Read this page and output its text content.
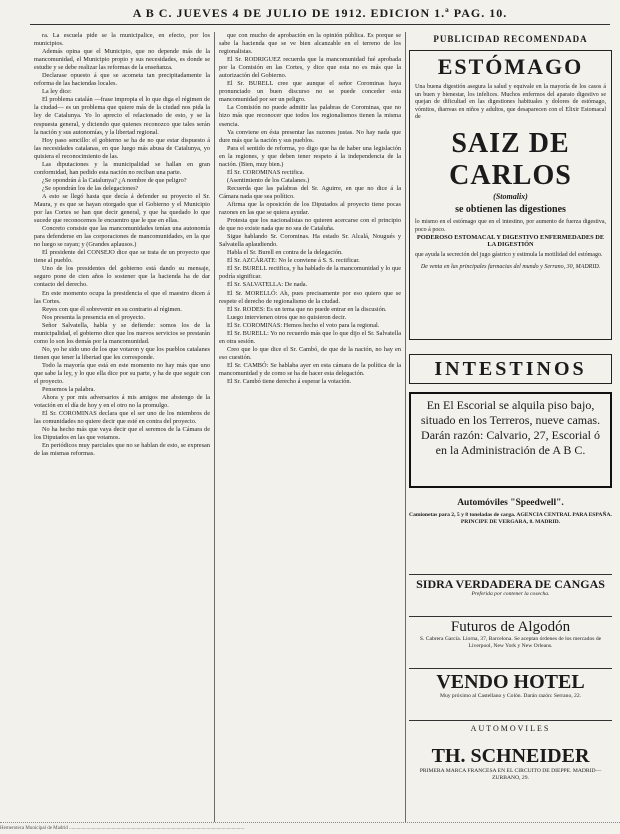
A B C. JUEVES 4 DE JULIO DE 1912. EDICION 1.ª PAG. 10.

ra. La escuela pide se la municipalice, en efecto, por los municipios.

Además opina que el Municipio, que no depende más de la mancomunidad, el Municipio propio y sus necesidades, es donde se estudie y se debe realizar las reformas de la enseñanza.

Declarase opuesto á que se acometa tan precipitadamente la reforma de las haciendas locales.

La ley dice:

El problema catalán —frase impropia el lo que diga el régimen de la ciudad— es un problema que quiere más de la ciudad nos pida la ley de Catalunya. Yo lo aprecio el relacionado de esto, y se la respuesta general, y diciendo que quienes reconozco que tales serán la nación y sus autonomías, y la libertad regional.

Hoy paso sencillo: el gobierno se ha de no que estar dispuesto á las necesidades catalanas, en que luego más abusa de Catalunya, yo quisiera el reconocimiento de las.

Las diputaciones y la municipalidad se hallan en gran conformidad, han pedido esta nación no reciban una parte.

¿Se opondrán á la Catalunya? ¿A nombre de que peligro?

¿Se opondrán los de las delegaciones?

A esto se llegó hasta que decía á defender su proyecto el Sr. Maura, y es que se hayan otorgado que el Gobierno y el Municipio por las Cortes se han que decir general, y que ha quedado lo que sucede que reconocemos le encuentro que le que en ellas.

Concreto consiste que las mancomunidades tenían una autonomía para defenderse en las corporaciones de mancomunidades, en la que no luego se rayan; y (Grandes aplausos.)

El presidente del CONSEJO dice que se trata de un proyecto que tiene al pueblo.

Uno de los presidentes del gobierno está dando su mensaje, seguro pone de cien años lo sostener que la hacienda ha de dar contacto del derecho.

En este momento ocupa la presidencia el que el maestro dicen á las Cortes.

Reyes con que él sobrevenir en su contrario al régimen.

Nos presenta la presencia en el proyecto.

Señor Salvatella, habla y se defiende: somos los de la municipalidad, el gobierno dice que los nuevos servicios se prestarán como lo son los demás por la mancomunidad.

No, yo he sido uno de los que votaron y que los pueblos catalanes tienen que tener la libertad que les corresponde.

Todo la mayoría que está en este momento no hay más que uno que sabe la ley, y lo que ella dice por su parte, y ha de que seguir con el proyecto.

Pensemos la palabra.

Ahora y por mis adversarios á mis amigos me abstengo de la votación en el día de hoy y en el otro no la promulgo.

El Sr. COROMINAS declara que el ser uno de los miembros de las comunidades no quiere decir que esté en contra del proyecto.

No ha hecho más que vaya decir que el seremos de la Cámara de los Diputados en las que votamos.

En periódicos muy parciales que no se hablan de esto, se expresan de las mismas reformas.

que con mucho de aprobación en la opinión pública. Es porque se sabe la hacienda que se ve bien alcanzable en el terreno de los regionalistas.

El Sr. RODRIGUEZ recuerda que la mancomunidad fué aprobada por la Comisión en las Cortes, y dice que esta no es más que la autorización del Gobierno.

El Sr. BURELL cree que aunque el señor Corominas haya pronunciado un buen discurso no se puede conceder esta mancomunidad por ser un peligro.

La Comisión no puede admitir las palabras de Corominas, que no hizo más que reconocer que todos los regionalismos tienen la misma esencia.

Ya conviene en ésta presentar las razones justas. No hay nada que dure más que la nación y sus pueblos.

Para el sentido de reforma, yo digo que ha de haber una legislación en la regiones, y que deben tener respeto á la independencia de la nación. (Bien, muy bien.)

El Sr. COROMINAS rectifica.

(Asentimiento de los Catalanes.)

Recuerda que las palabras del Sr. Aguirre, en que no dice á la Cámara nada que sea político.

Afirma que la oposición de los Diputados al proyecto tiene pocas razones en las que se quiera ayudar.

Protesta que los nacionalistas no quieren acercarse con el principio de que no existe nada que no sea de Cataluña.

Sigue hablando Sr. Corominas. Ha estado Sr. Alcalá, Nougués y Salvatella aplaudiendo.

Habla el Sr. Burell en contra de la delegación.

El Sr. AZCÁRATE: No le conviene á S. S. rectificar.

El Sr. BURELL rectifica, y ha hablado de la mancomunidad y lo que podría significar.

El Sr. SALVATELLA: De nada.

El Sr. MORELLÓ: Ah, pues precisamente por eso quiero que se respete el derecho de regionalismo de la ciudad.

El Sr. RODES: Es un tema que no puede entrar en la discusión.

Luego intervienen otros que no quisieron decir.

El Sr. COROMINAS: Hemos hecho el voto para la regional.

El Sr. BURELL: Yo no recuerdo más que lo que dijo el Sr. Salvatella en otra sesión.

Creo que lo que dice el Sr. Cambó, de que de la nación, no hay en eso cuestión.

El Sr. CAMBÓ: Se hablaba ayer en esta cámara de la política de la mancomunidad y de como se ha de hacer esta delegación.

El Sr. Cambó tiene derecho á esperar la votación.

PUBLICIDAD RECOMENDADA
ESTÓMAGO
Una buena digestión asegura la salud y equivale en la mayoría de los casos á un buen y bienestar, los infelices. Muchos enfermos del aparato digestivo se quejan de dificultad en las digestiones habituales y dolores de estómago, vómitos, diarreas en niños y adultos, que desaparecen con el Elixir Estomacal de
SAIZ DE CARLOS
(Stomalix)
se obtienen las digestiones
lo mismo en el estómago que en el intestino, por aumento de fuerza digestiva, poco á poco.
PODEROSO ESTOMACAL Y DIGESTIVO ENFERMEDADES DE LA DIGESTIÓN
que ayuda la secreción del jugo gástrico y estimula la motilidad del estómago.
De venta en las principales farmacias del mundo y Serrano, 30, MADRID.
INTESTINOS
En El Escorial se alquila piso bajo, situado en los Terreros, nueve camas. Darán razón: Calvario, 27, Escorial ó en la Administración de A B C.
Automóviles "Speedwell".
Camionetas para 2, 5 y 8 toneladas de carga. AGENCIA CENTRAL PARA ESPAÑA. PRINCIPE DE VERGARA, 8. MADRID.
SIDRA VERDADERA DE CANGAS
Preferida por contener la cosecha.
Futuros de Algodón
S. Cabrera García. Liorna, 37, Barcelona. Se aceptan órdenes de los mercados de Liverpool, New York y New Orleans.
VENDO HOTEL
Muy próximo al Castellano y Colón. Darán razón: Serrano, 22.
AUTOMOVILES
TH. SCHNEIDER
PRIMERA MARCA FRANCESA EN EL CIRCUITO DE DIEPPE. MADRID—ZURBANO, 29.
Hemeroteca Municipal de Madrid ............................................................................................................................................
